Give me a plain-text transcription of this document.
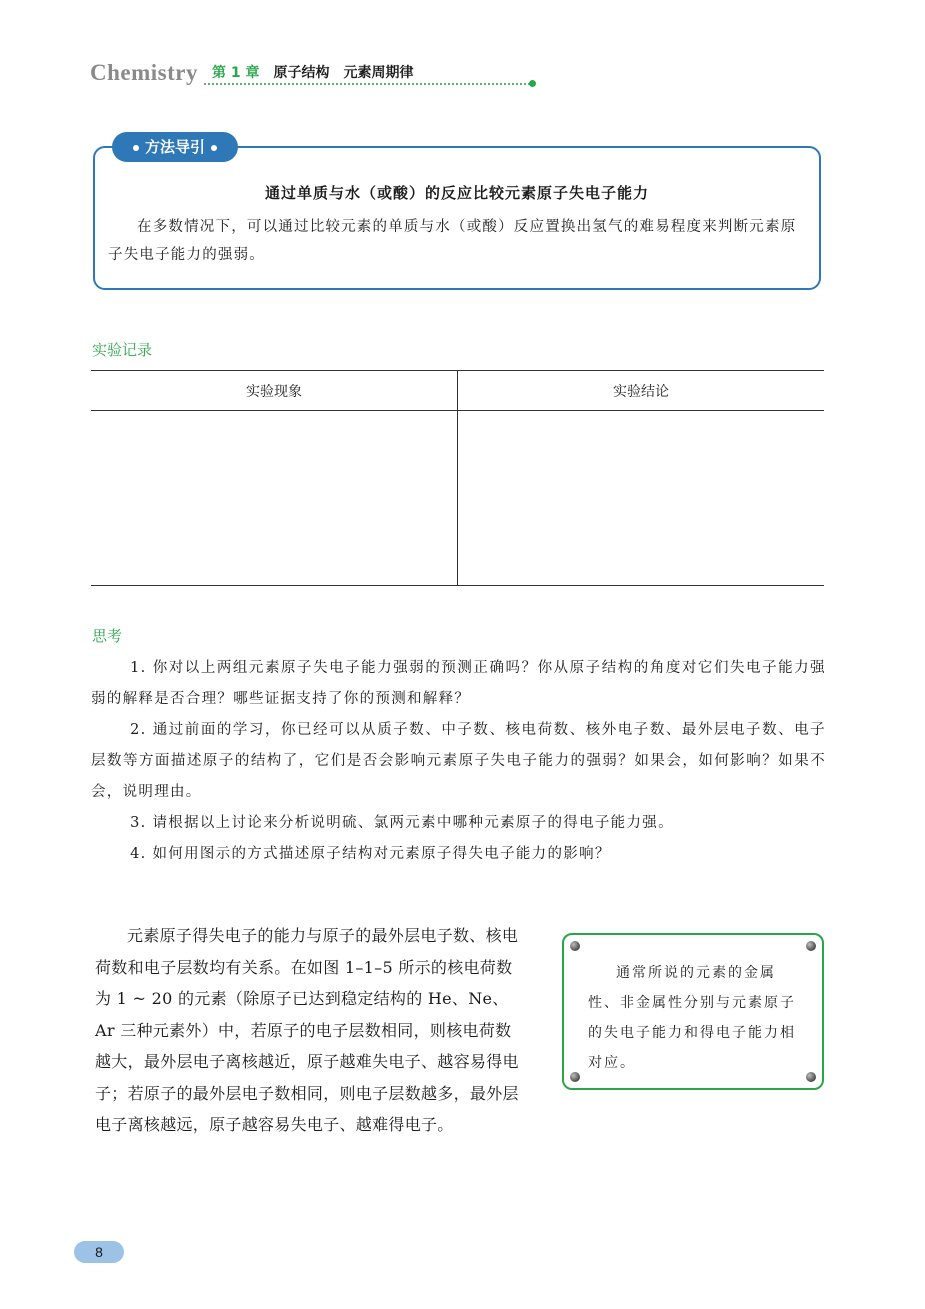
Chemistry 第 1 章 原子结构 元素周期律
方法导引
通过单质与水（或酸）的反应比较元素原子失电子能力
在多数情况下，可以通过比较元素的单质与水（或酸）反应置换出氢气的难易程度来判断元素原子失电子能力的强弱。
实验记录
实验现象	实验结论
思考

1. 你对以上两组元素原子失电子能力强弱的预测正确吗？你从原子结构的角度对它们失电子能力强弱的解释是否合理？哪些证据支持了你的预测和解释？

2. 通过前面的学习，你已经可以从质子数、中子数、核电荷数、核外电子数、最外层电子数、电子层数等方面描述原子的结构了，它们是否会影响元素原子失电子能力的强弱？如果会，如何影响？如果不会，说明理由。

3. 请根据以上讨论来分析说明硫、氯两元素中哪种元素原子的得电子能力强。

4. 如何用图示的方式描述原子结构对元素原子得失电子能力的影响？

元素原子得失电子的能力与原子的最外层电子数、核电荷数和电子层数均有关系。在如图 1–1–5 所示的核电荷数为 1 ~ 20 的元素（除原子已达到稳定结构的 He、Ne、Ar 三种元素外）中，若原子的电子层数相同，则核电荷数越大，最外层电子离核越近，原子越难失电子、越容易得电子；若原子的最外层电子数相同，则电子层数越多，最外层电子离核越远，原子越容易失电子、越难得电子。
通常所说的元素的金属性、非金属性分别与元素原子的失电子能力和得电子能力相对应。
8
